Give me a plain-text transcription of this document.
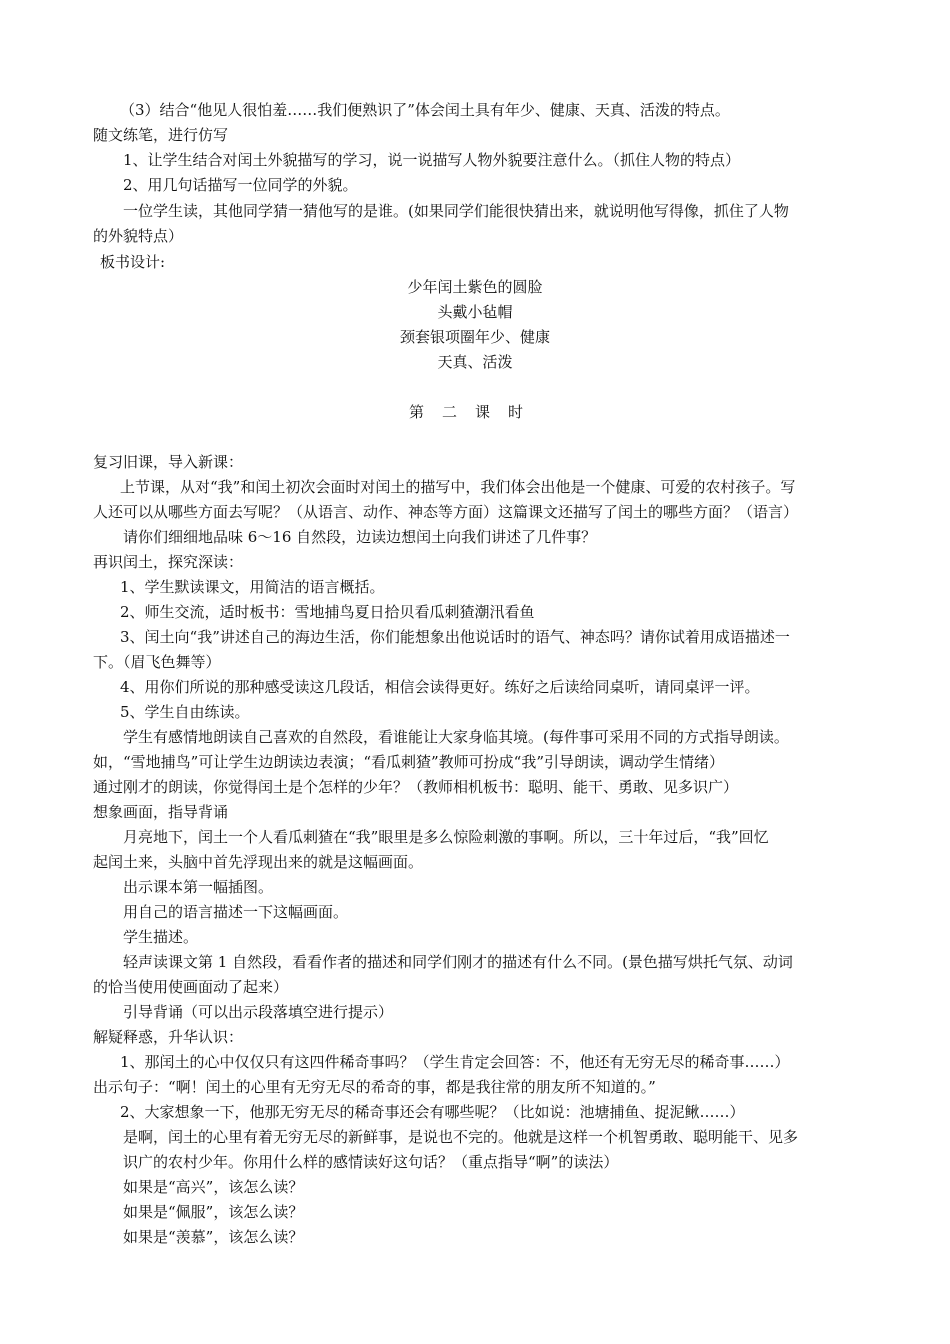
（3）结合“他见人很怕羞……我们便熟识了”体会闰土具有年少、健康、天真、活泼的特点。
随文练笔，进行仿写
1、让学生结合对闰土外貌描写的学习，说一说描写人物外貌要注意什么。（抓住人物的特点）
2、用几句话描写一位同学的外貌。
一位学生读，其他同学猜一猜他写的是谁。(如果同学们能很快猜出来，就说明他写得像，抓住了人物
的外貌特点）
板书设计:
少年闰土紫色的圆脸
头戴小毡帽
颈套银项圈年少、健康
天真、活泼
第二课时
复习旧课，导入新课：
上节课，从对“我”和闰土初次会面时对闰土的描写中，我们体会出他是一个健康、可爱的农村孩子。写
人还可以从哪些方面去写呢？（从语言、动作、神态等方面）这篇课文还描写了闰土的哪些方面？（语言）
请你们细细地品味 6～16 自然段，边读边想闰土向我们讲述了几件事？
再识闰土，探究深读：
1、学生默读课文，用简洁的语言概括。
2、师生交流，适时板书：雪地捕鸟夏日拾贝看瓜刺猹潮汛看鱼
3、闰土向“我”讲述自己的海边生活，你们能想象出他说话时的语气、神态吗？请你试着用成语描述一
下。（眉飞色舞等）
4、用你们所说的那种感受读这几段话，相信会读得更好。练好之后读给同桌听，请同桌评一评。
5、学生自由练读。
学生有感情地朗读自己喜欢的自然段，看谁能让大家身临其境。(每件事可采用不同的方式指导朗读。
如，“雪地捕鸟”可让学生边朗读边表演；“看瓜刺猹”教师可扮成“我”引导朗读，调动学生情绪）
通过刚才的朗读，你觉得闰土是个怎样的少年？（教师相机板书：聪明、能干、勇敢、见多识广）
想象画面，指导背诵
月亮地下，闰土一个人看瓜刺猹在“我”眼里是多么惊险刺激的事啊。所以，三十年过后，“我”回忆
起闰土来，头脑中首先浮现出来的就是这幅画面。
出示课本第一幅插图。
用自己的语言描述一下这幅画面。
学生描述。
轻声读课文第 1 自然段，看看作者的描述和同学们刚才的描述有什么不同。(景色描写烘托气氛、动词
的恰当使用使画面动了起来）
引导背诵（可以出示段落填空进行提示）
解疑释惑，升华认识：
1、那闰土的心中仅仅只有这四件稀奇事吗？（学生肯定会回答：不，他还有无穷无尽的稀奇事……）
出示句子：“啊！闰土的心里有无穷无尽的希奇的事，都是我往常的朋友所不知道的。”
2、大家想象一下，他那无穷无尽的稀奇事还会有哪些呢？（比如说：池塘捕鱼、捉泥鳅……）
是啊，闰土的心里有着无穷无尽的新鲜事，是说也不完的。他就是这样一个机智勇敢、聪明能干、见多
识广的农村少年。你用什么样的感情读好这句话？（重点指导“啊”的读法）
如果是“高兴”，该怎么读？
如果是“佩服”，该怎么读？
如果是“羡慕”，该怎么读？
